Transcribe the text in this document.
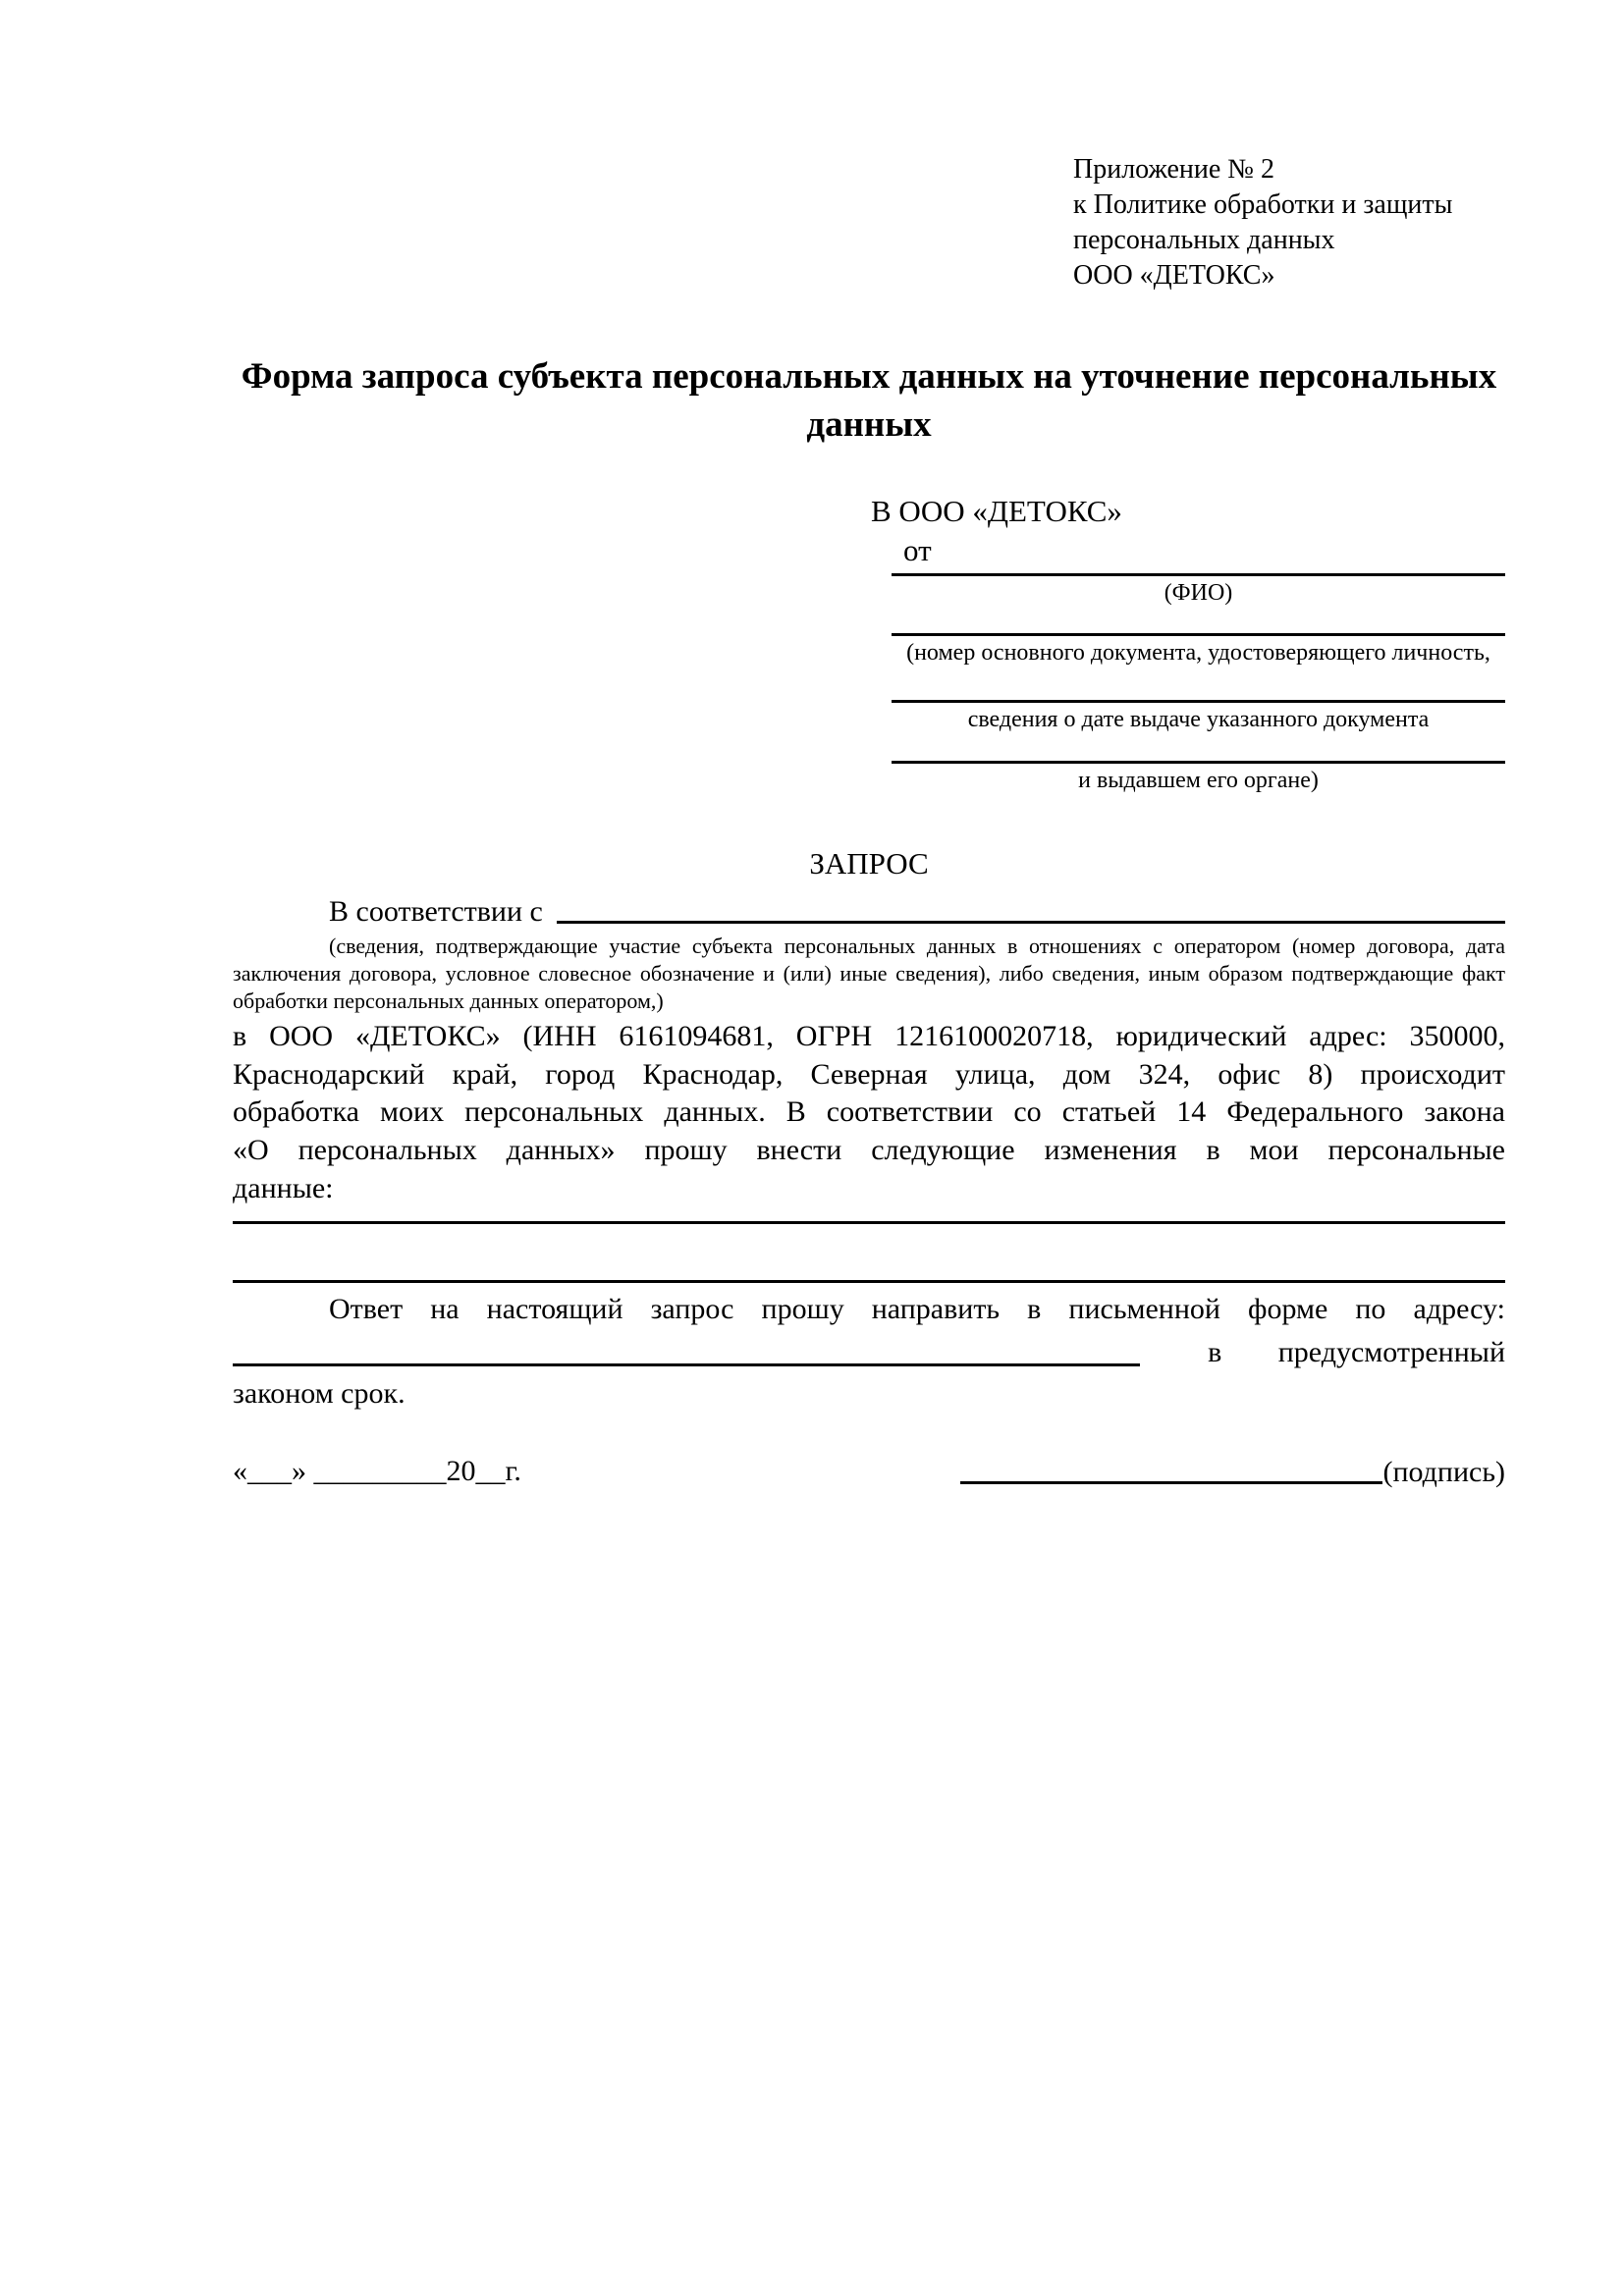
Приложение № 2
к Политике обработки и защиты
персональных данных
ООО «ДЕТОКС»
Форма запроса субъекта персональных данных на уточнение персональных данных
В ООО «ДЕТОКС»
от
(ФИО)
(номер основного документа, удостоверяющего личность,
сведения о дате выдаче указанного документа
и выдавшем его органе)
ЗАПРОС
В соответствии с
(сведения, подтверждающие участие субъекта персональных данных в отношениях с оператором (номер договора, дата
заключения договора, условное словесное обозначение и (или) иные сведения), либо сведения, иным образом подтверждающие факт
обработки персональных данных оператором,)
в ООО «ДЕТОКС» (ИНН 6161094681, ОГРН 1216100020718, юридический адрес: 350000,
Краснодарский край, город Краснодар, Северная улица, дом 324, офис 8) происходит
обработка моих персональных данных. В соответствии со статьей 14 Федерального закона
«О персональных данных» прошу внести следующие изменения в мои персональные
данные:
Ответ на настоящий запрос прошу направить в письменной форме по адресу:
в предусмотренный
законом срок.
«___» _________20__г.	(подпись)
